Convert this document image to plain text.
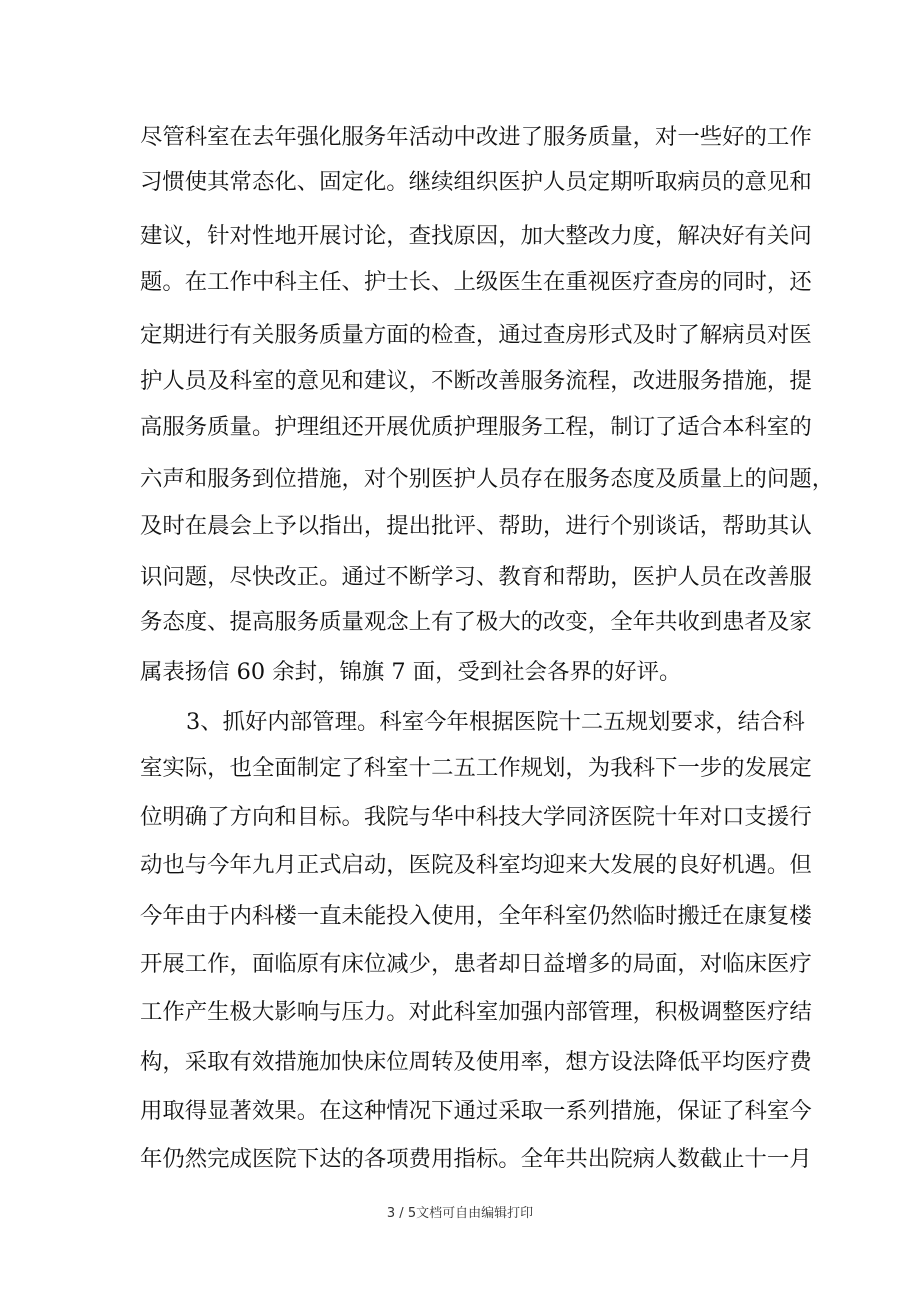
尽管科室在去年强化服务年活动中改进了服务质量，对一些好的工作
习惯使其常态化、固定化。继续组织医护人员定期听取病员的意见和
建议，针对性地开展讨论，查找原因，加大整改力度，解决好有关问
题。在工作中科主任、护士长、上级医生在重视医疗查房的同时，还
定期进行有关服务质量方面的检查，通过查房形式及时了解病员对医
护人员及科室的意见和建议，不断改善服务流程，改进服务措施，提
高服务质量。护理组还开展优质护理服务工程，制订了适合本科室的
六声和服务到位措施，对个别医护人员存在服务态度及质量上的问题，
及时在晨会上予以指出，提出批评、帮助，进行个别谈话，帮助其认
识问题，尽快改正。通过不断学习、教育和帮助，医护人员在改善服
务态度、提高服务质量观念上有了极大的改变，全年共收到患者及家
属表扬信 60 余封，锦旗 7 面，受到社会各界的好评。
3、抓好内部管理。科室今年根据医院十二五规划要求，结合科
室实际，也全面制定了科室十二五工作规划，为我科下一步的发展定
位明确了方向和目标。我院与华中科技大学同济医院十年对口支援行
动也与今年九月正式启动，医院及科室均迎来大发展的良好机遇。但
今年由于内科楼一直未能投入使用，全年科室仍然临时搬迁在康复楼
开展工作，面临原有床位减少，患者却日益增多的局面，对临床医疗
工作产生极大影响与压力。对此科室加强内部管理，积极调整医疗结
构，采取有效措施加快床位周转及使用率，想方设法降低平均医疗费
用取得显著效果。在这种情况下通过采取一系列措施，保证了科室今
年仍然完成医院下达的各项费用指标。全年共出院病人数截止十一月
3 / 5文档可自由编辑打印
